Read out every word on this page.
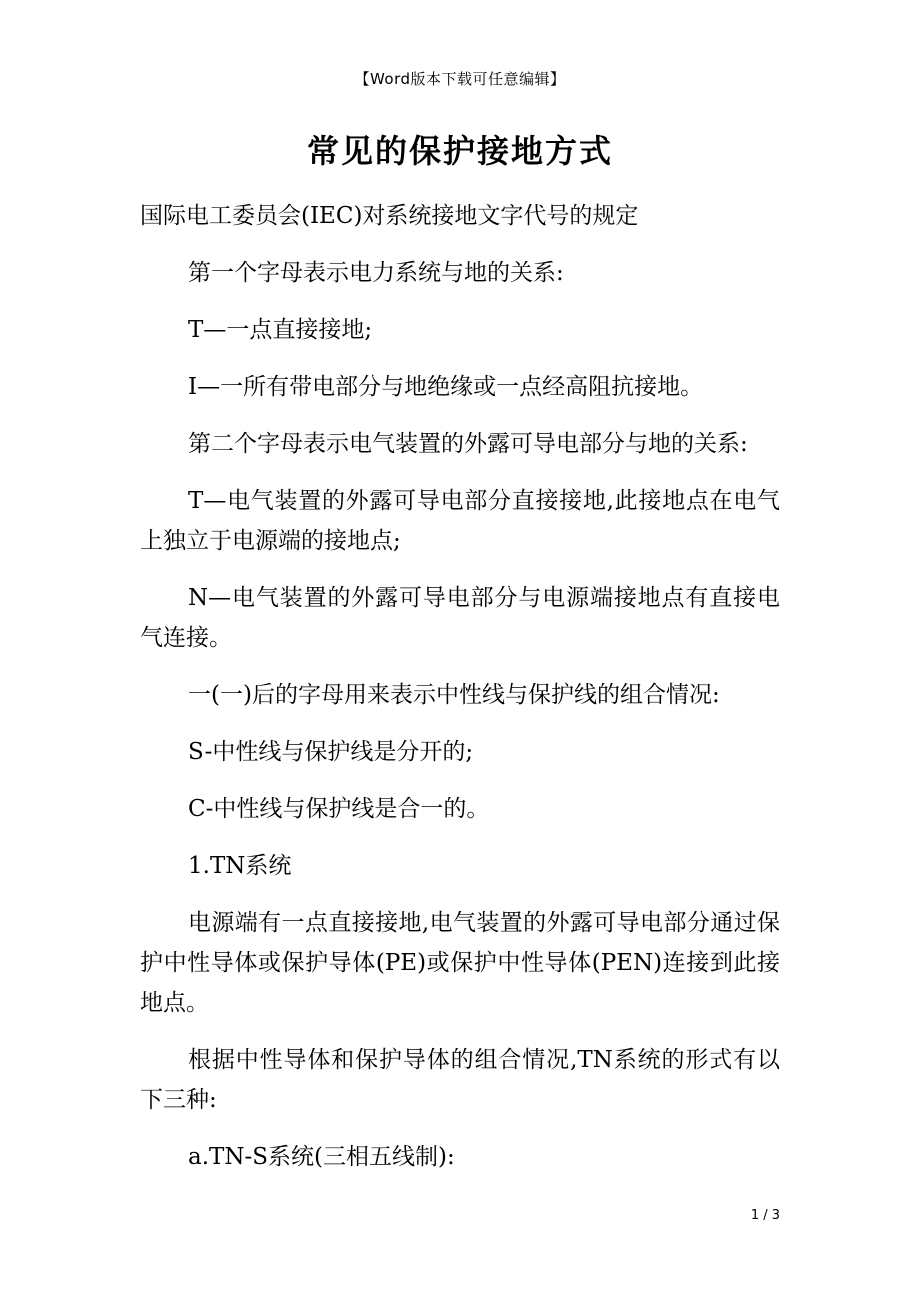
【Word版本下载可任意编辑】
常见的保护接地方式

国际电工委员会(IEC)对系统接地文字代号的规定

第一个字母表示电力系统与地的关系:

T—一点直接接地;

I—一所有带电部分与地绝缘或一点经高阻抗接地。

第二个字母表示电气装置的外露可导电部分与地的关系:

T—电气装置的外露可导电部分直接接地,此接地点在电气上独立于电源端的接地点;

N—电气装置的外露可导电部分与电源端接地点有直接电气连接。

一(一)后的字母用来表示中性线与保护线的组合情况:

S-中性线与保护线是分开的;

C-中性线与保护线是合一的。

1.TN系统

电源端有一点直接接地,电气装置的外露可导电部分通过保护中性导体或保护导体(PE)或保护中性导体(PEN)连接到此接地点。

根据中性导体和保护导体的组合情况,TN系统的形式有以下三种:

a.TN-S系统(三相五线制):

1 / 3
